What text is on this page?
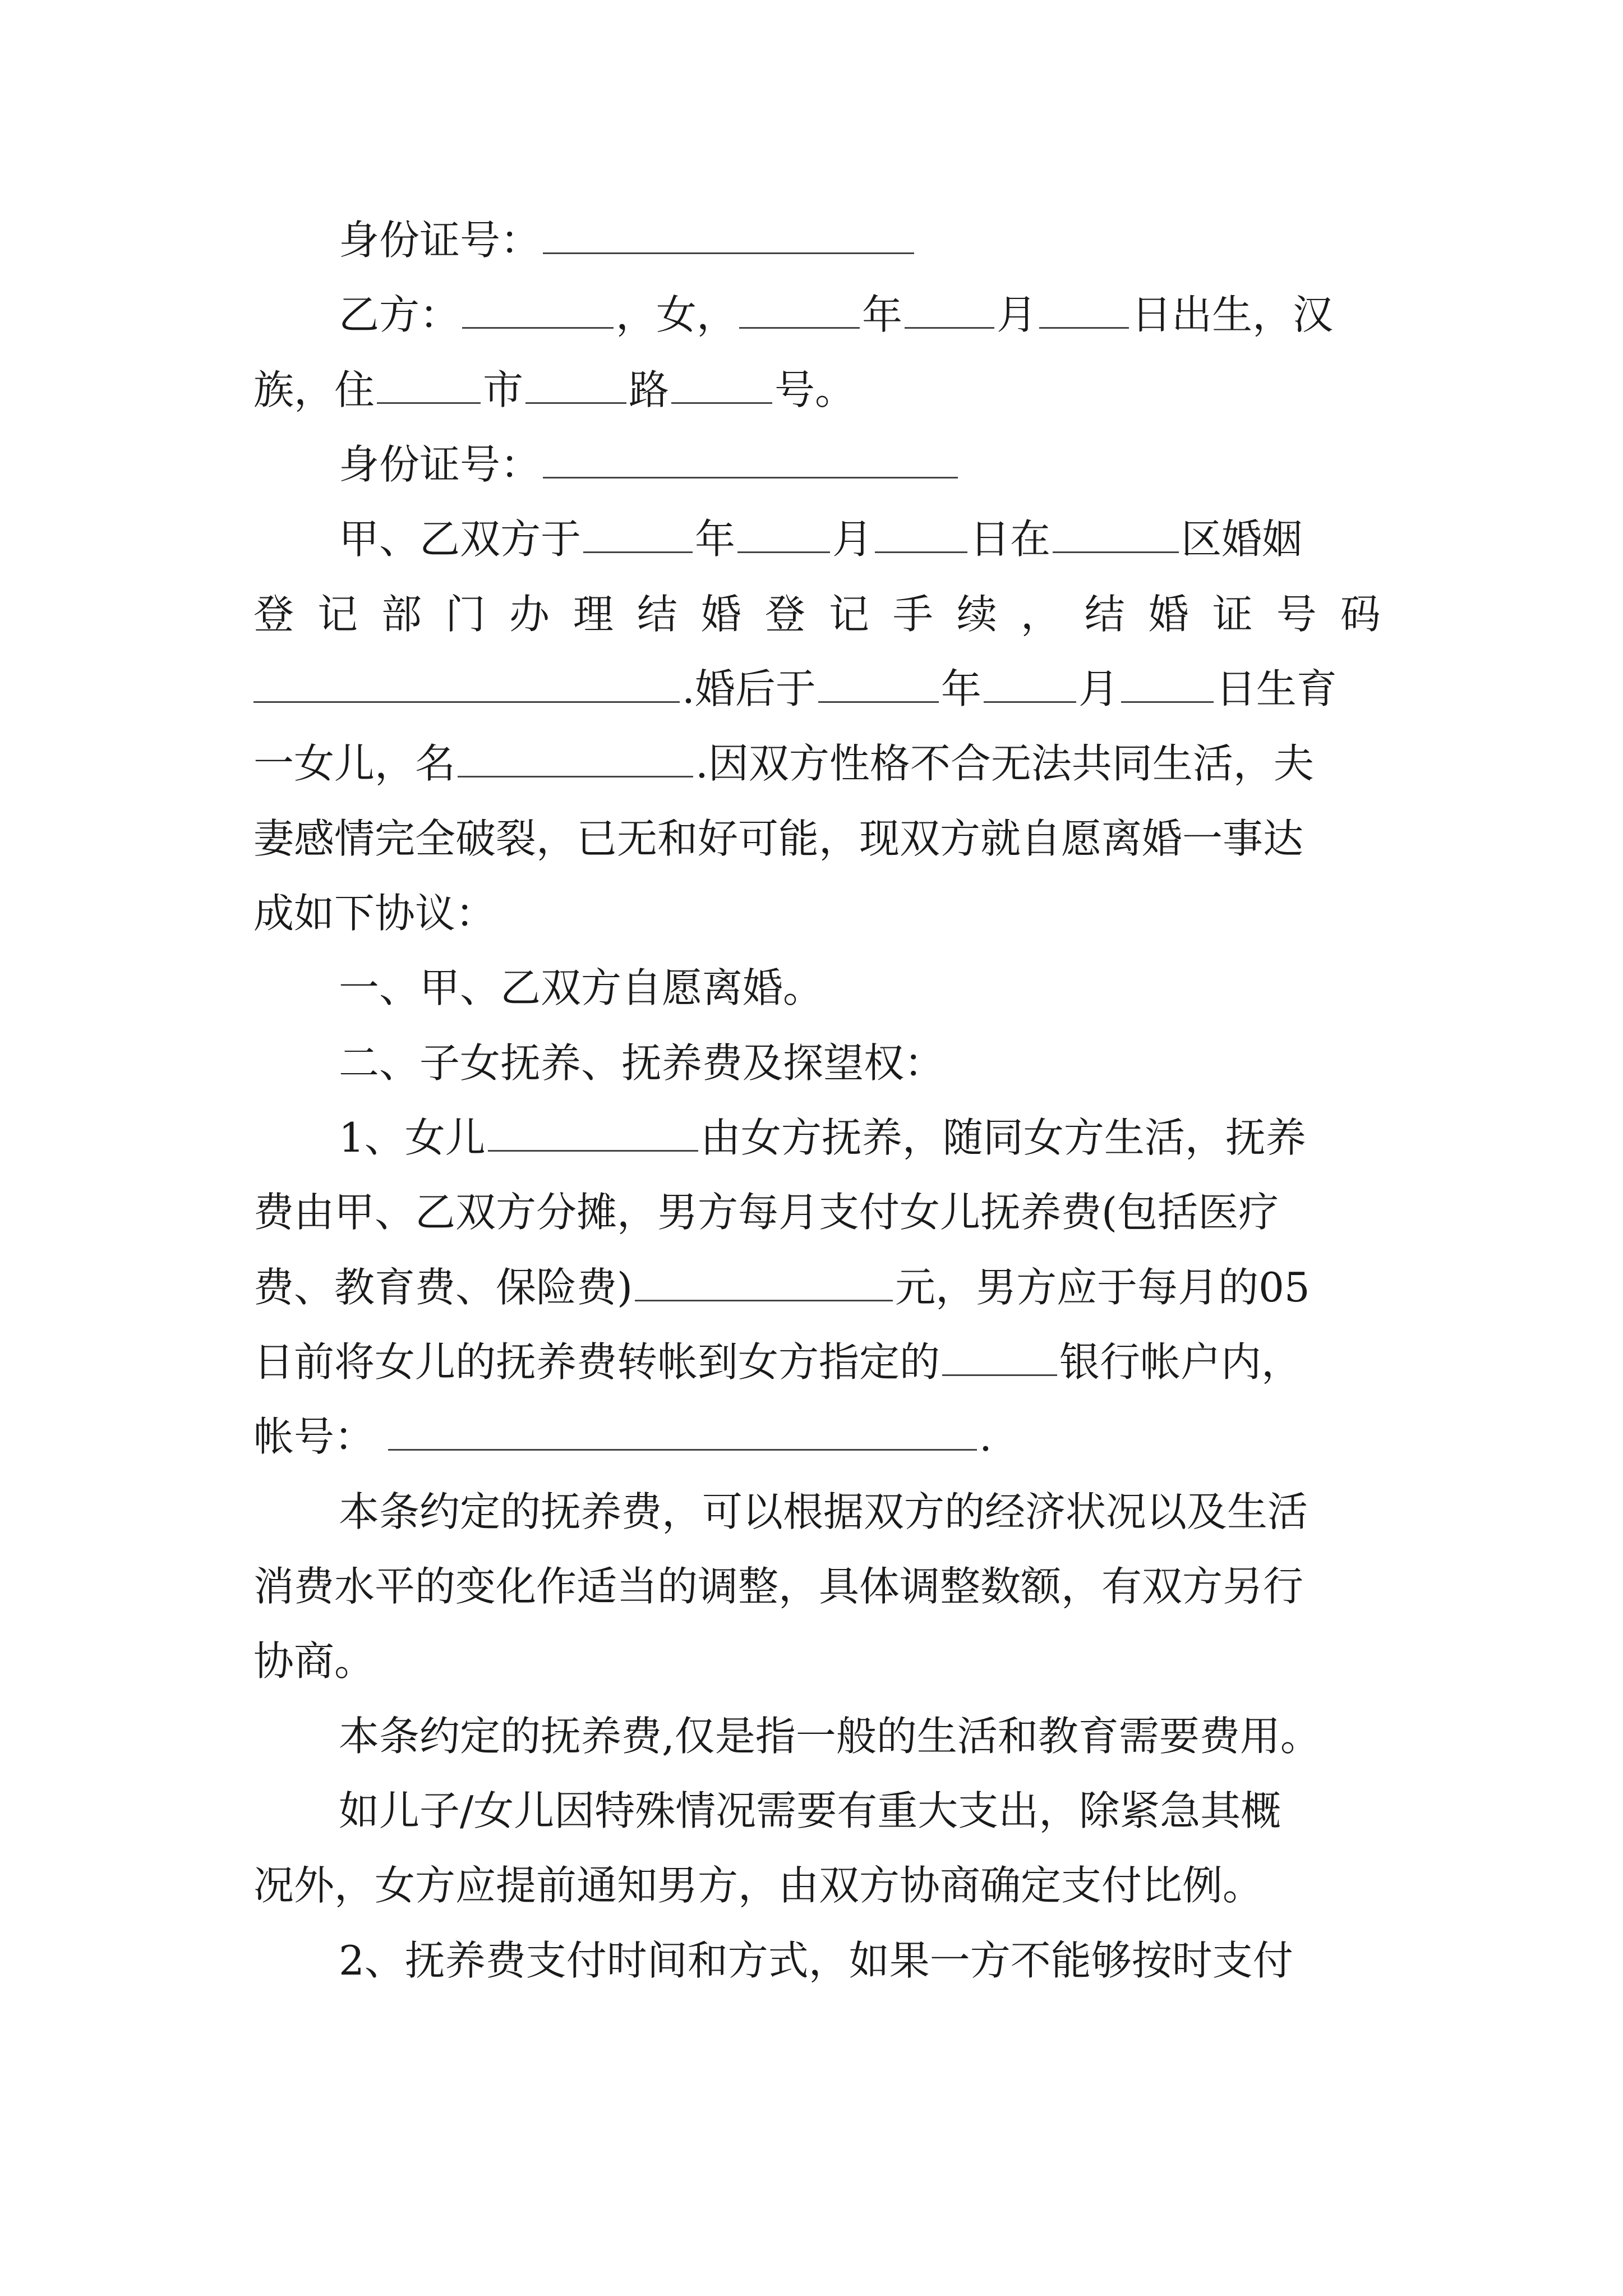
身份证号：
乙方：	，女，	年 月 日出生，汉
族，住	市	路	号。
身份证号：
甲、乙双方于	年 月 日在	区婚姻
登 记 部 门 办 理 结 婚 登 记 手 续 ， 结 婚 证 号 码
.婚后于	年 月 日生育
一女儿，名	.因双方性格不合无法共同生活，夫
妻感情完全破裂，已无和好可能，现双方就自愿离婚一事达
成如下协议：
一、甲、乙双方自愿离婚。
二、子女抚养、抚养费及探望权：
1、女儿	由女方抚养，随同女方生活，抚养
费由甲、乙双方分摊，男方每月支付女儿抚养费(包括医疗
费、教育费、保险费)	元，男方应于每月的05
日前将女儿的抚养费转帐到女方指定的	银行帐户内，
帐号：	.
本条约定的抚养费，可以根据双方的经济状况以及生活
消费水平的变化作适当的调整，具体调整数额，有双方另行
协商。
本条约定的抚养费,仅是指一般的生活和教育需要费用。
如儿子/女儿因特殊情况需要有重大支出，除紧急其概
况外，女方应提前通知男方，由双方协商确定支付比例。
2、抚养费支付时间和方式，如果一方不能够按时支付
